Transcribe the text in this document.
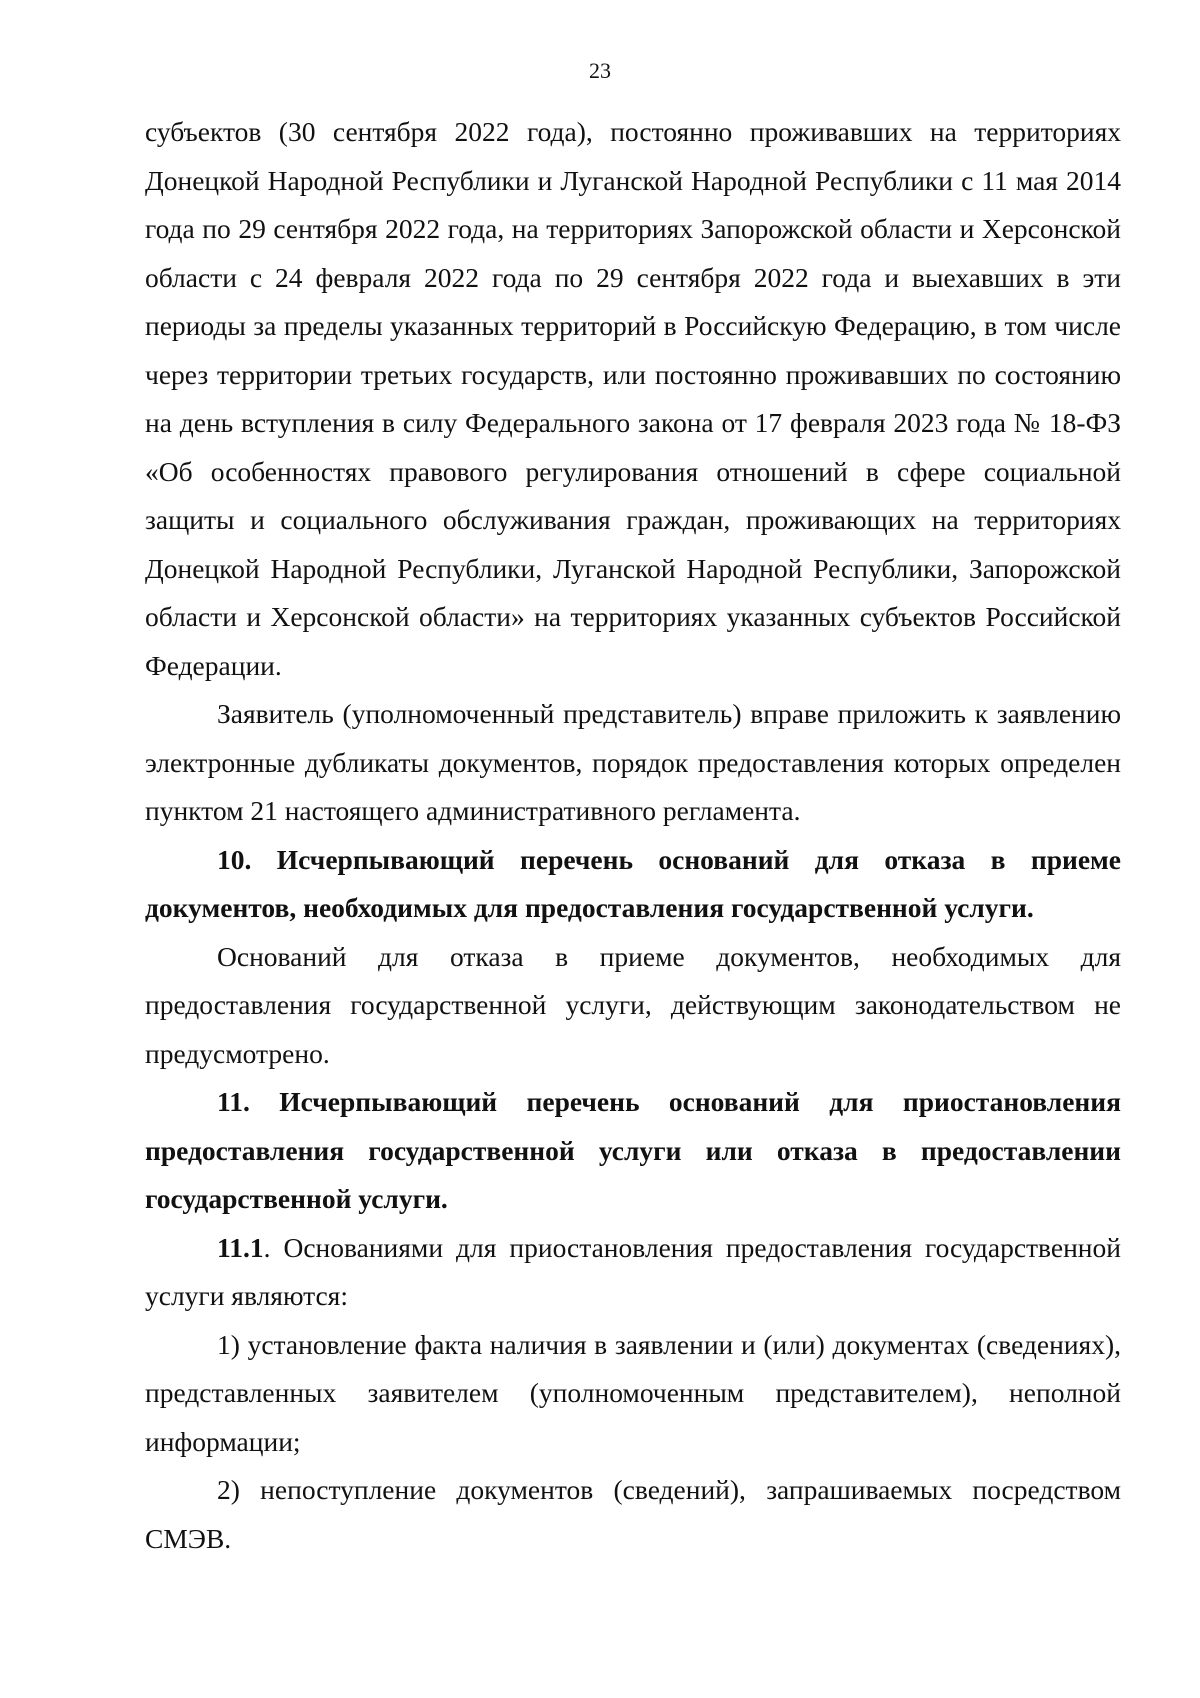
23

субъектов (30 сентября 2022 года), постоянно проживавших на территориях Донецкой Народной Республики и Луганской Народной Республики с 11 мая 2014 года по 29 сентября 2022 года, на территориях Запорожской области и Херсонской области с 24 февраля 2022 года по 29 сентября 2022 года и выехавших в эти периоды за пределы указанных территорий в Российскую Федерацию, в том числе через территории третьих государств, или постоянно проживавших по состоянию на день вступления в силу Федерального закона от 17 февраля 2023 года № 18-ФЗ «Об особенностях правового регулирования отношений в сфере социальной защиты и социального обслуживания граждан, проживающих на территориях Донецкой Народной Республики, Луганской Народной Республики, Запорожской области и Херсонской области» на территориях указанных субъектов Российской Федерации.

Заявитель (уполномоченный представитель) вправе приложить к заявлению электронные дубликаты документов, порядок предоставления которых определен пунктом 21 настоящего административного регламента.

10. Исчерпывающий перечень оснований для отказа в приеме документов, необходимых для предоставления государственной услуги.

Оснований для отказа в приеме документов, необходимых для предоставления государственной услуги, действующим законодательством не предусмотрено.

11. Исчерпывающий перечень оснований для приостановления предоставления государственной услуги или отказа в предоставлении государственной услуги.

11.1. Основаниями для приостановления предоставления государственной услуги являются:

1) установление факта наличия в заявлении и (или) документах (сведениях), представленных заявителем (уполномоченным представителем), неполной информации;

2) непоступление документов (сведений), запрашиваемых посредством СМЭВ.
